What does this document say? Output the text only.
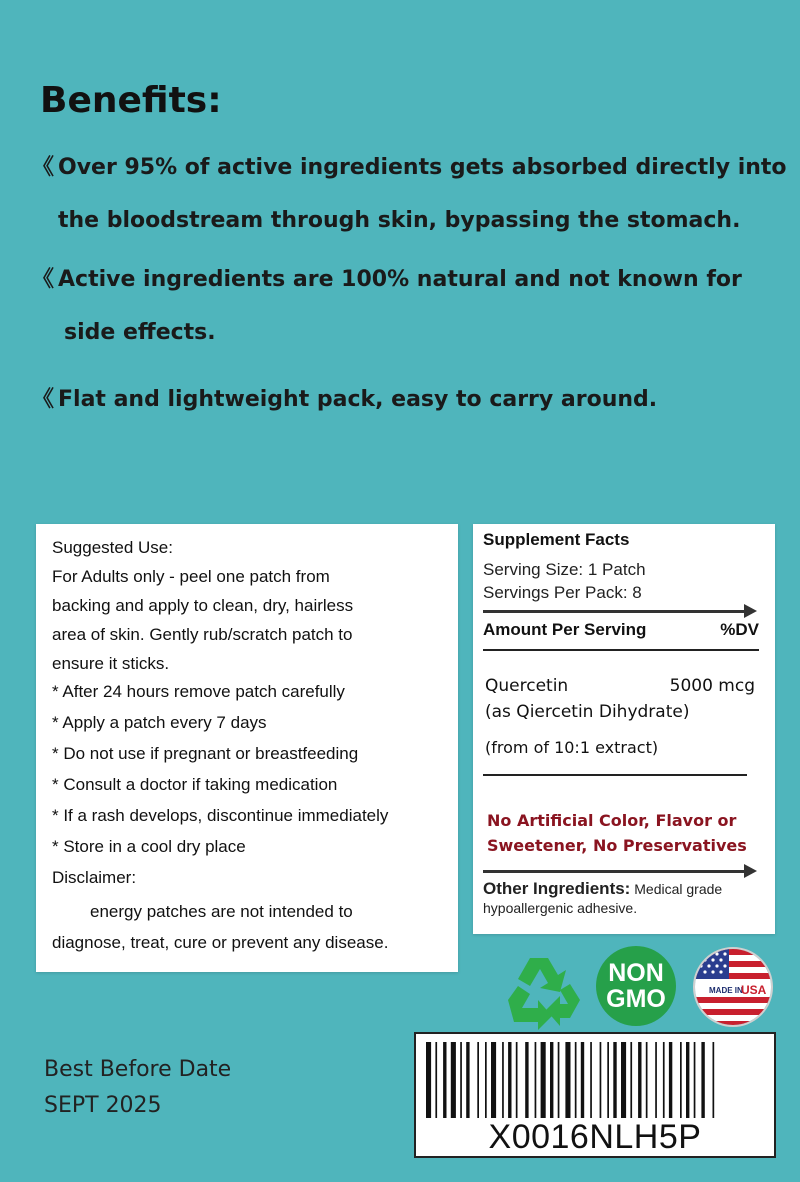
Benefits:
《 Over 95% of active ingredients gets absorbed directly into
the bloodstream through skin, bypassing the stomach.
《 Active ingredients are 100% natural and not known for
side effects.
《 Flat and lightweight pack, easy to carry around.
Suggested Use:
For Adults only - peel one patch from
backing and apply to clean, dry, hairless
area of skin. Gently rub/scratch patch to
ensure it sticks.
* After 24 hours remove patch carefully
* Apply a patch every 7 days
* Do not use if pregnant or breastfeeding
* Consult a doctor if taking medication
* If a rash develops, discontinue immediately
* Store in a cool dry place
Disclaimer:
energy patches are not intended to
diagnose, treat, cure or prevent any disease.
Supplement Facts
Serving Size: 1 Patch
Servings Per Pack: 8
Amount Per Serving	%DV
Quercetin	5000 mcg
(as Qiercetin Dihydrate)
(from of 10:1 extract)
No Artificial Color, Flavor or
Sweetener, No Preservatives
Other Ingredients: Medical grade
hypoallergenic adhesive.
NON
GMO	MADE IN
USA
Best Before Date
SEPT 2025
X0016NLH5P
